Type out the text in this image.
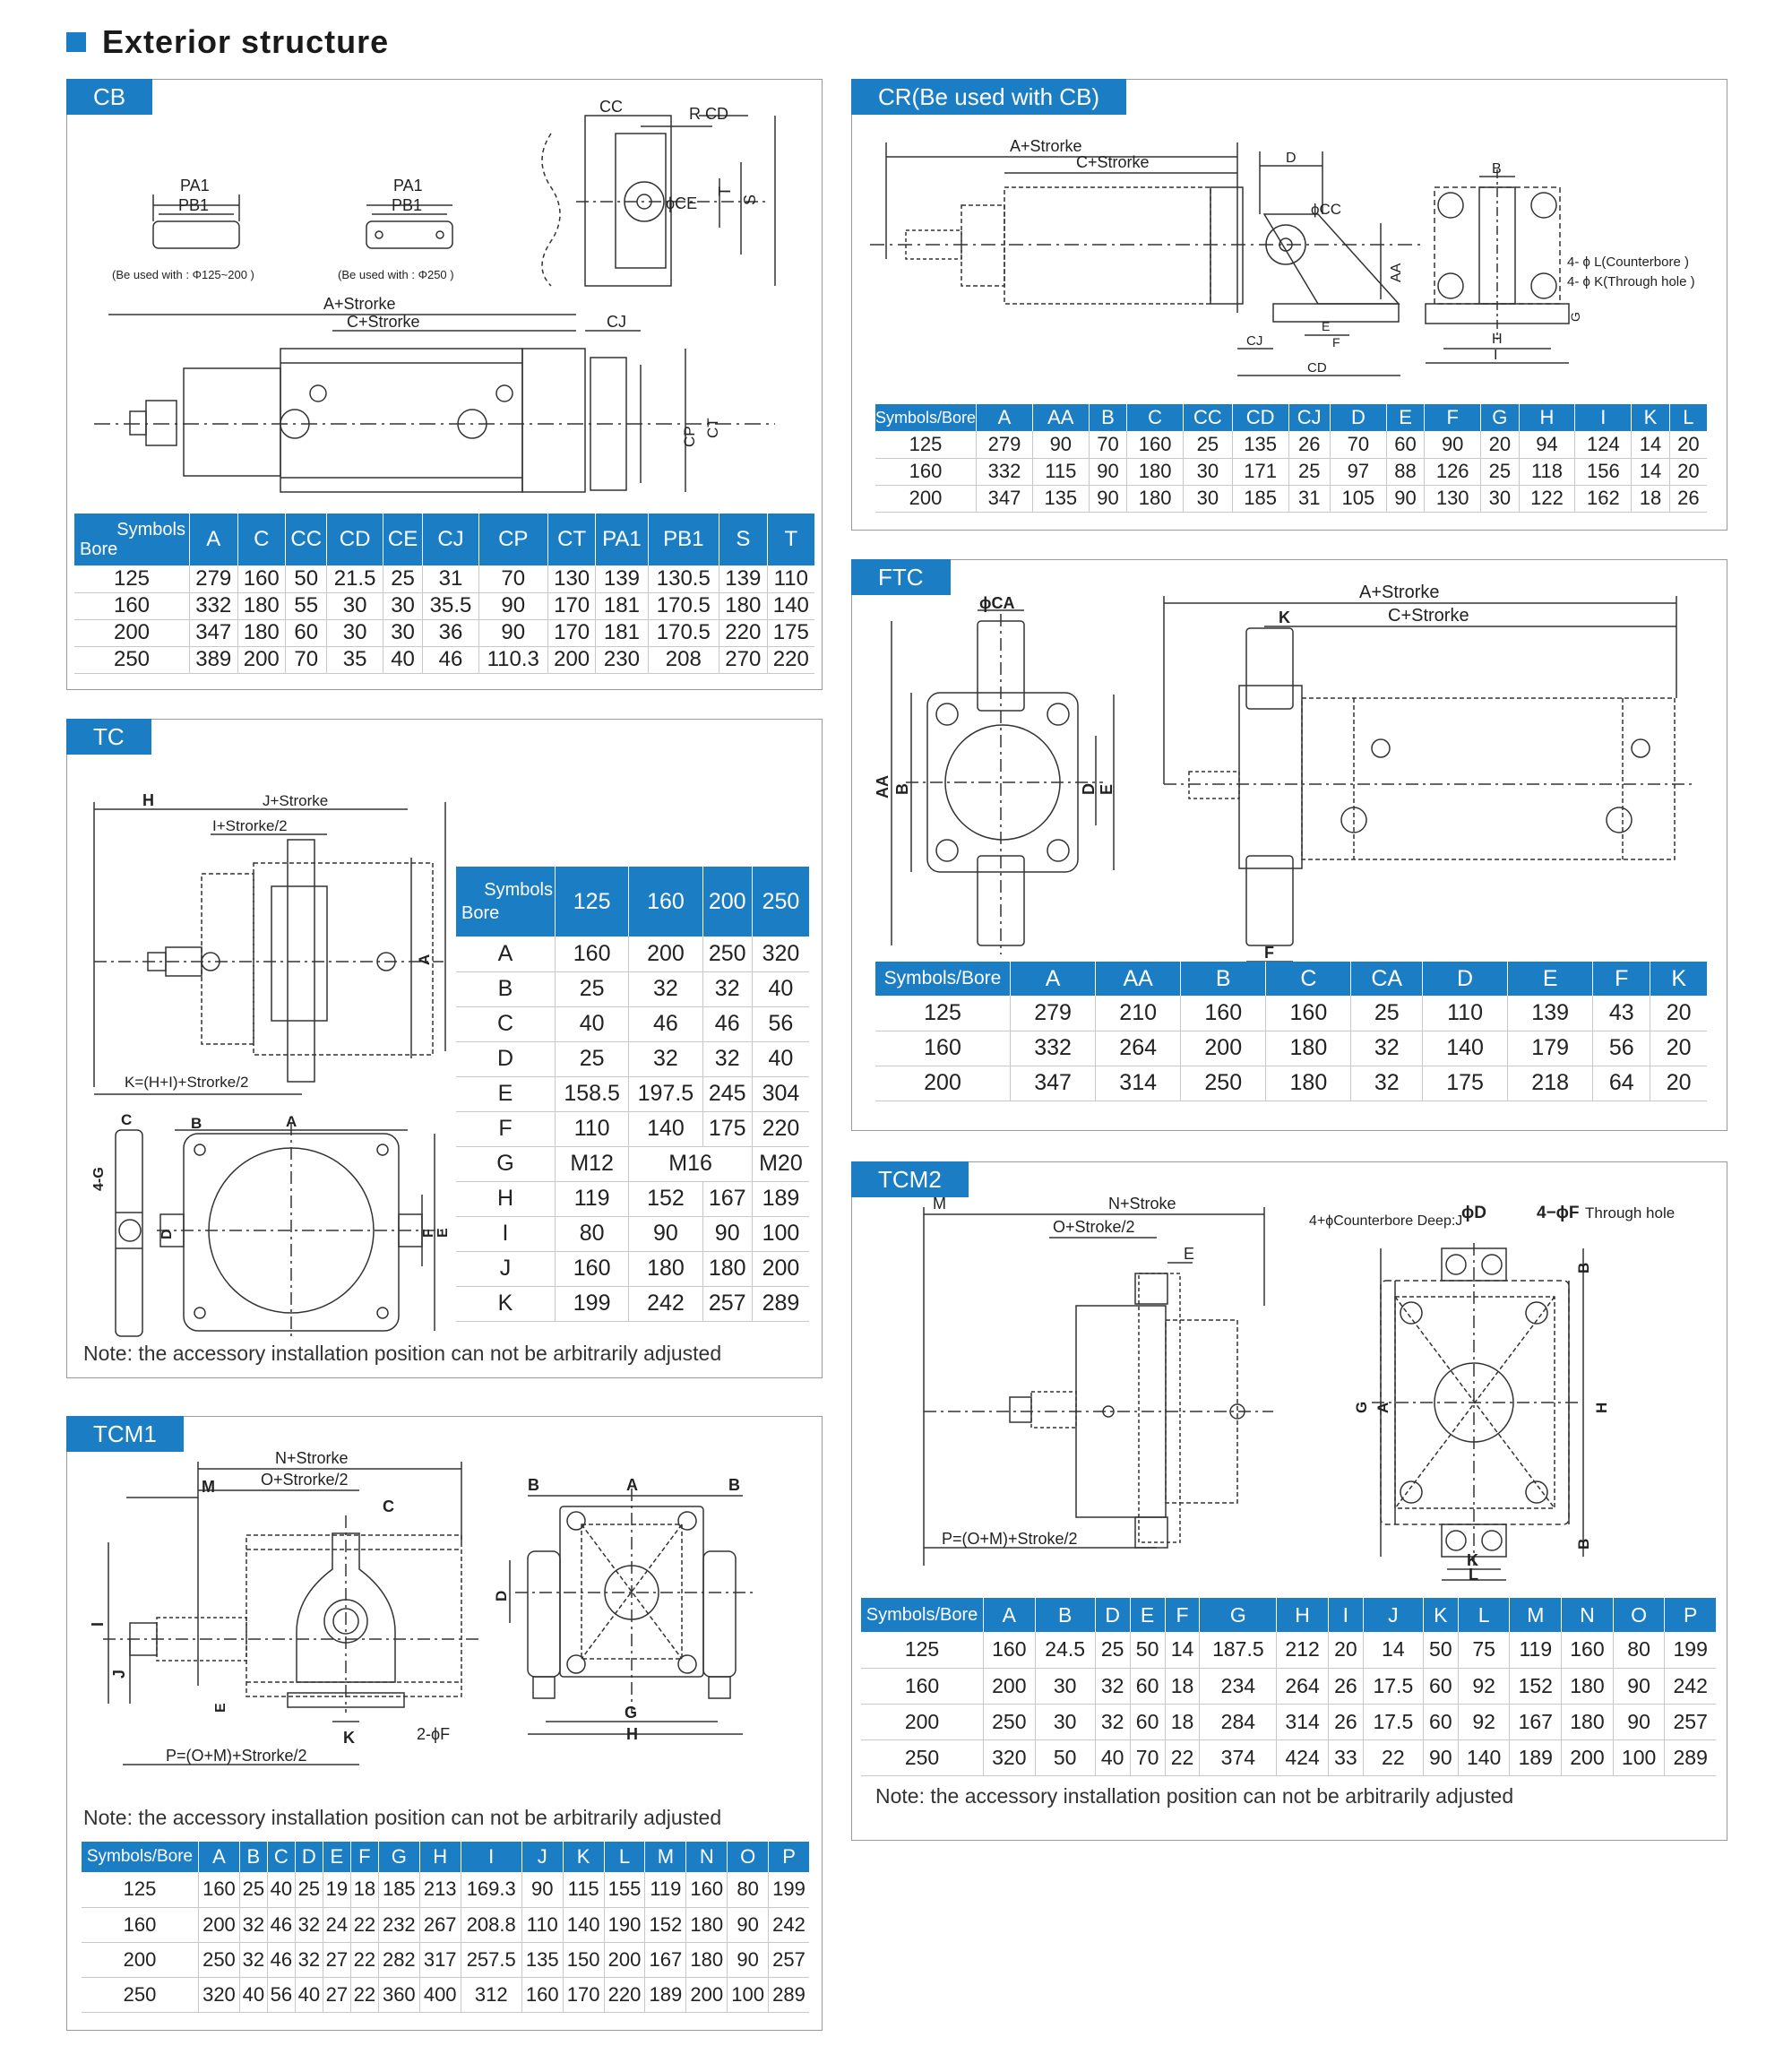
Exterior structure
CB
PA1
PB1
PA1
PB1
(Be used with : Φ125~200 )	(Be used with : Φ250 )
CC	R CD
ϕCE
T
S
A+Strorke
C+Strorke	CJ
CP CT
Symbols
Bore	A	C	CC	CD	CE	CJ	CP	CT	PA1	PB1	S	T
125	279	160	50	21.5	25	31	70	130	139	130.5	139	110
160	332	180	55	30	30	35.5	90	170	181	170.5	180	140
200	347	180	60	30	30	36	90	170	181	170.5	220	175
250	389	200	70	35	40	46	110.3	200	230	208	270	220
CR(Be used with CB)
A+Strorke
C+Strorke	D
ϕCC
AA
B
4- ϕ L(Counterbore )
4- ϕ K(Through hole )
G
CJ
E
F
CD
H
I
Symbols/Bore	A	AA	B	C	CC	CD	CJ	D	E	F	G	H	I	K	L
125	279	90	70	160	25	135	26	70	60	90	20	94	124	14	20
160	332	115	90	180	30	171	25	97	88	126	25	118	156	14	20
200	347	135	90	180	30	185	31	105	90	130	30	122	162	18	26
TC
H	J+Strorke
I+Strorke/2
A
K=(H+I)+Strorke/2
C
4-G
D
B	A
F E
Symbols
Bore	125	160	200	250
A	160	200	250	320
B	25	32	32	40
C	40	46	46	56
D	25	32	32	40
E	158.5	197.5	245	304
F	110	140	175	220
G	M12	M16		M20
H	119	152	167	189
I	80	90	90	100
J	160	180	180	200
K	199	242	257	289
Note: the accessory installation position can not be arbitrarily adjusted
FTC
ϕCA
AA B	D E
A+Strorke
C+Strorke
K
F
Symbols/Bore	A	AA	B	C	CA	D	E	F	K
125	279	210	160	160	25	110	139	43	20
160	332	264	200	180	32	140	179	56	20
200	347	314	250	180	32	175	218	64	20
TCM1
N+Strorke
M	O+Strorke/2
C
I
J
E
K	2-ϕF
P=(O+M)+Strorke/2
B	A	B
D
G
H
Note: the accessory installation position can not be arbitrarily adjusted
Symbols/Bore	A	B	C	D	E	F	G	H	I	J	K	L	M	N	O	P
125	160	25	40	25	19	18	185	213	169.3	90	115	155	119	160	80	199
160	200	32	46	32	24	22	232	267	208.8	110	140	190	152	180	90	242
200	250	32	46	32	27	22	282	317	257.5	135	150	200	167	180	90	257
250	320	40	56	40	27	22	360	400	312	160	170	220	189	200	100	289
TCM2
M	N+Stroke
O+Stroke/2
E
P=(O+M)+Stroke/2
4+ϕCounterbore Deep:J
ϕD	4−ϕF Through hole
B
B
G A	H
K
L
Symbols/Bore	A	B	D	E	F	G	H	I	J	K	L	M	N	O	P
125	160	24.5	25	50	14	187.5	212	20	14	50	75	119	160	80	199
160	200	30	32	60	18	234	264	26	17.5	60	92	152	180	90	242
200	250	30	32	60	18	284	314	26	17.5	60	92	167	180	90	257
250	320	50	40	70	22	374	424	33	22	90	140	189	200	100	289
Note: the accessory installation position can not be arbitrarily adjusted
